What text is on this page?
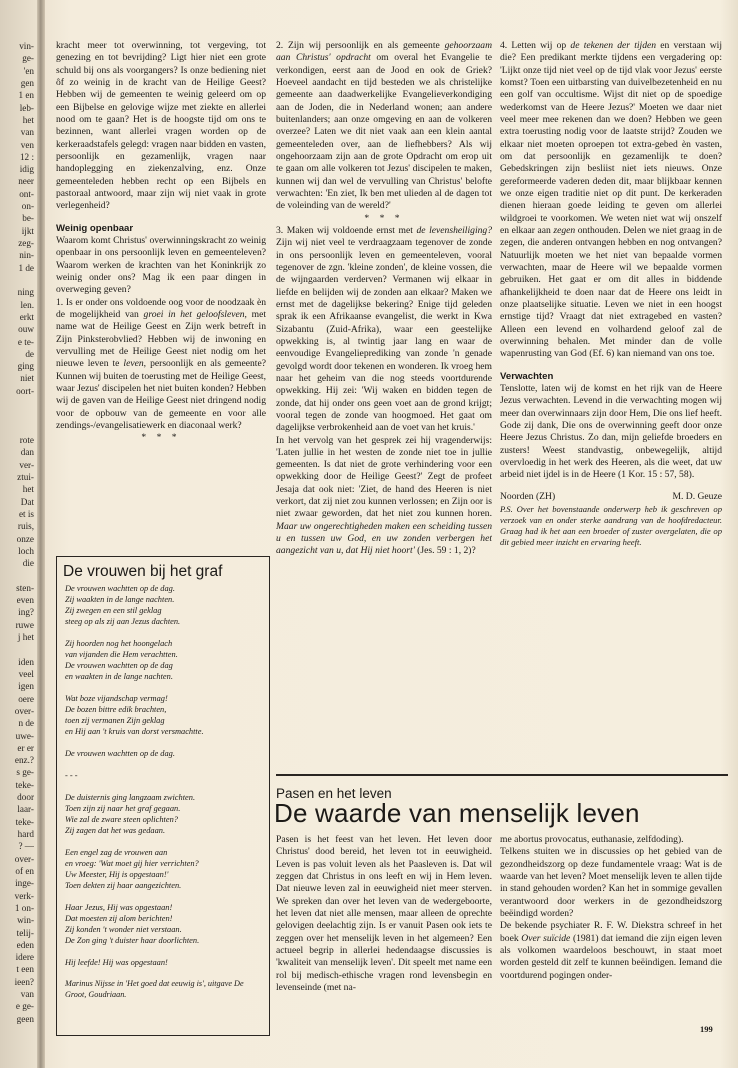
vin-
ge-
'en
gen
1 en
leb-
het
van
ven
12 :
idig
neer
ont-
on-
be-
ijkt
zeg-
nin-
1 de

ning
len.
erkt
ouw
e te-
de
ging
niet
oort-

rote
dan
ver-
ztui-
het
Dat
et is
ruis,
onze
loch
die

sten-
even
ing?
ruwe
j het

iden
veel
igen
oere
over-
n de
uwe-
er er
enz.?
s ge-
teke-
door
laar-
teke-
hard
? —
over-
of en
inge-
verk-
1 on-
win-
telij-
eden
idere
t een
ieen?
van
e ge-
geen

kracht meer tot overwinning, tot vergeving, tot genezing en tot bevrijding? Ligt hier niet een grote schuld bij ons als voorgangers? Is onze bediening niet ôf zo weinig in de kracht van de Heilige Geest? Hebben wij de gemeenten te weinig geleerd om op een Bijbelse en gelovige wijze met ziekte en allerlei nood om te gaan? Het is de hoogste tijd om ons te bezinnen, want allerlei vragen worden op de kerkeraadstafels gelegd: vragen naar bidden en vasten, persoonlijk en gezamenlijk, vragen naar handoplegging en ziekenzalving, enz. Onze gemeenteleden hebben recht op een Bijbels en pastoraal antwoord, maar zijn wij niet vaak in grote verlegenheid?

Weinig openbaar

Waarom komt Christus' overwinningskracht zo weinig openbaar in ons persoonlijk leven en gemeenteleven? Waarom werken de krachten van het Koninkrijk zo weinig onder ons? Mag ik een paar dingen in overweging geven?

1. Is er onder ons voldoende oog voor de noodzaak èn de mogelijkheid van groei in het geloofsleven, met name wat de Heilige Geest en Zijn werk betreft in Zijn Pinksterobvlied? Hebben wij de inwoning en vervulling met de Heilige Geest niet nodig om het nieuwe leven te leven, persoonlijk en als gemeente? Kunnen wij buiten de toerusting met de Heilige Geest, waar Jezus' discipelen het niet buiten konden? Hebben wij de gaven van de Heilige Geest niet dringend nodig voor de opbouw van de gemeente en voor alle zendings-/evangelisatiewerk en diaconaal werk?

* * *

De vrouwen bij het graf
De vrouwen wachtten op de dag.
Zij waakten in de lange nachten.
Zij zwegen en een stil geklag
steeg op als zij aan Jezus dachten.
Zij hoorden nog het hoongelach
van vijanden die Hem verachtten.
De vrouwen wachtten op de dag
en waakten in de lange nachten.
Wat boze vijandschap vermag!
De bozen bittre edik brachten,
toen zij vermanen Zijn geklag
en Hij aan 't kruis van dorst versmachtte.
De vrouwen wachtten op de dag.
- - -
De duisternis ging langzaam zwichten.
Toen zijn zij naar het graf gegaan.
Wie zal de zware steen oplichten?
Zij zagen dat het was gedaan.
Een engel zag de vrouwen aan
en vroeg: 'Wat moet gij hier verrichten?
Uw Meester, Hij is opgestaan!'
Toen dekten zij haar aangezichten.
Haar Jezus, Hij was opgestaan!
Dat moesten zij alom berichten!
Zij konden 't wonder niet verstaan.
De Zon ging 't duister haar doorlichten.
Hij leefde! Hij was opgestaan!
Marinus Nijsse in 'Het goed dat eeuwig is', uitgave De Groot, Goudriaan.

2. Zijn wij persoonlijk en als gemeente gehoorzaam aan Christus' opdracht om overal het Evangelie te verkondigen, eerst aan de Jood en ook de Griek? Hoeveel aandacht en tijd besteden we als christelijke gemeente aan daadwerkelijke Evangelieverkondiging aan de Joden, die in Nederland wonen; aan andere buitenlanders; aan onze omgeving en aan de volkeren overzee? Laten we dit niet vaak aan een klein aantal gemeenteleden over, aan de liefhebbers? Als wij ongehoorzaam zijn aan de grote Opdracht om erop uit te gaan om alle volkeren tot Jezus' discipelen te maken, kunnen wij dan wel de vervulling van Christus' belofte verwachten: 'En ziet, Ik ben met ulieden al de dagen tot de voleinding van de wereld?'

* * *

3. Maken wij voldoende ernst met de levensheiliging? Zijn wij niet veel te verdraagzaam tegenover de zonde in ons persoonlijk leven en gemeenteleven, vooral tegenover de zgn. 'kleine zonden', de kleine vossen, die de wijngaarden verderven? Vermanen wij elkaar in liefde en belijden wij de zonden aan elkaar? Maken we ernst met de dagelijkse bekering? Enige tijd geleden sprak ik een Afrikaanse evangelist, die werkt in Kwa Sizabantu (Zuid-Afrika), waar een geestelijke opwekking is, al twintig jaar lang en waar de eenvoudige Evangelieprediking van zonde 'n genade gevolgd wordt door tekenen en wonderen. Ik vroeg hem naar het geheim van die nog steeds voortdurende opwekking. Hij zei: 'Wij waken en bidden tegen de zonde, dat hij onder ons geen voet aan de grond krijgt; vooral tegen de zonde van hoogmoed. Het gaat om dagelijkse verbrokenheid aan de voet van het kruis.'

In het vervolg van het gesprek zei hij vragenderwijs: 'Laten jullie in het westen de zonde niet toe in jullie gemeenten. Is dat niet de grote verhindering voor een opwekking door de Heilige Geest?' Zegt de profeet Jesaja dat ook niet: 'Ziet, de hand des Heeren is niet verkort, dat zij niet zou kunnen verlossen; en Zijn oor is niet zwaar geworden, dat het niet zou kunnen horen. Maar uw ongerechtigheden maken een scheiding tussen u en tussen uw God, en uw zonden verbergen het aangezicht van u, dat Hij niet hoort' (Jes. 59 : 1, 2)?

4. Letten wij op de tekenen der tijden en verstaan wij die? Een predikant merkte tijdens een vergadering op: 'Lijkt onze tijd niet veel op de tijd vlak voor Jezus' eerste komst? Toen een uitbarsting van duivelbezetenheid en nu een golf van occultisme. Wijst dit niet op de spoedige wederkomst van de Heere Jezus?' Moeten we daar niet veel meer mee rekenen dan we doen? Hebben we geen extra toerusting nodig voor de laatste strijd? Zouden we elkaar niet moeten oproepen tot extra-gebed èn vasten, om dat persoonlijk en gezamenlijk te doen? Gebedskringen zijn besliist niet iets nieuws. Onze gereformeerde vaderen deden dit, maar blijkbaar kennen we onze eigen traditie niet op dit punt. De kerkeraden dienen hieraan goede leiding te geven om allerlei wildgroei te voorkomen. We weten niet wat wij onszelf en elkaar aan zegen onthouden. Delen we niet graag in de zegen, die anderen ontvangen hebben en nog ontvangen? Natuurlijk moeten we het niet van bepaalde vormen verwachten, maar de Heere wil we bepaalde vormen gebruiken. Het gaat er om dit alles in biddende afhankelijkheid te doen naar dat de Heere ons leidt in onze plaatselijke situatie. Leven we niet in een hoogst ernstige tijd? Vraagt dat niet extragebed en vasten? Alleen een levend en volhardend geloof zal de overwinning behalen. Met minder dan de volle wapenrusting van God (Ef. 6) kan niemand van ons toe.

Verwachten

Tenslotte, laten wij de komst en het rijk van de Heere Jezus verwachten. Levend in die verwachting mogen wij meer dan overwinnaars zijn door Hem, Die ons lief heeft. Gode zij dank, Die ons de overwinning geeft door onze Heere Jezus Christus. Zo dan, mijn geliefde broeders en zusters! Weest standvastig, onbewegelijk, altijd overvloedig in het werk des Heeren, als die weet, dat uw arbeid niet ijdel is in de Heere (1 Kor. 15 : 57, 58).

Noorden (ZH)	M. D. Geuze

P.S. Over het bovenstaande onderwerp heb ik geschreven op verzoek van en onder sterke aandrang van de hoofdredacteur. Graag had ik het aan een broeder of zuster overgelaten, die op dit gebied meer inzicht en ervaring heeft.

Pasen en het leven
De waarde van menselijk leven

Pasen is het feest van het leven. Het leven door Christus' dood bereid, het leven tot in eeuwigheid. Leven is pas voluit leven als het Paasleven is. Dat wil zeggen dat Christus in ons leeft en wij in Hem leven. Dat nieuwe leven zal in eeuwigheid niet meer sterven. We spreken dan over het leven van de wedergeboorte, het leven dat niet alle mensen, maar alleen de oprechte gelovigen deelachtig zijn. Is er vanuit Pasen ook iets te zeggen over het menselijk leven in het algemeen? Een actueel begrip in allerlei hedendaagse discussies is 'kwaliteit van menselijk leven'. Dit speelt met name een rol bij medisch-ethische vragen rond levensbegin en levenseinde (met na-

me abortus provocatus, euthanasie, zelfdoding).

Telkens stuiten we in discussies op het gebied van de gezondheidszorg op deze fundamentele vraag: Wat is de waarde van het leven? Moet menselijk leven te allen tijde in stand gehouden worden? Kan het in sommige gevallen verantwoord door werkers in de gezondheidszorg beëindigd worden?

De bekende psychiater R. F. W. Diekstra schreef in het boek Over suïcide (1981) dat iemand die zijn eigen leven als volkomen waardeloos beschouwt, in staat moet worden gesteld dit zelf te kunnen beëindigen. Iemand die voortdurend pogingen onder-

199
